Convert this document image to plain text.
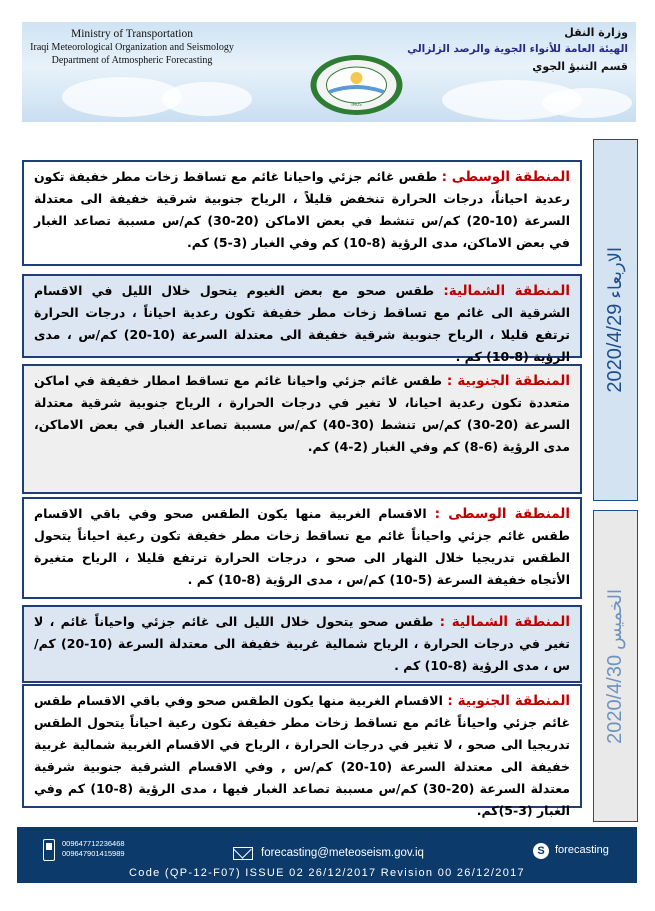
Ministry of Transportation
Iraqi Meteorological Organization and Seismology
Department of Atmospheric Forecasting
IMOS
وزارة النقل
الهيئة العامة للأنواء الجوية والرصد الزلزالي
قسم التنبؤ الجوي
2020/4/29 الاربعاء
2020/4/30 الخميس

المنطقة الوسطى : طقس غائم جزئي واحيانا غائم مع تساقط زخات مطر خفيفة تكون رعدية احياناً، درجات الحرارة تنخفض قليلاً ، الرياح جنوبية شرقية خفيفة الى معتدلة السرعة (10-20) كم/س تنشط في بعض الاماكن (20-30) كم/س مسببة تصاعد الغبار في بعض الاماكن، مدى الرؤية (8-10) كم وفي الغبار (3-5) كم.

المنطقة الشمالية: طقس صحو مع بعض الغيوم يتحول خلال الليل في الاقسام الشرقية الى غائم مع تساقط زخات مطر خفيفة تكون رعدية احياناً ، درجات الحرارة ترتفع قليلا ، الرياح جنوبية شرقية خفيفة الى معتدلة السرعة (10-20) كم/س ، مدى الرؤية (8-10) كم .

المنطقة الجنوبية : طقس غائم جزئي واحيانا غائم مع تساقط امطار خفيفة في اماكن متعددة تكون رعدية احيانا، لا تغير في درجات الحرارة ، الرياح جنوبية شرقية معتدلة السرعة (20-30) كم/س تنشط (30-40) كم/س مسببة تصاعد الغبار في بعض الاماكن، مدى الرؤية (6-8) كم وفي الغبار (2-4) كم.

المنطقة الوسطى : الاقسام الغربية منها يكون الطقس صحو وفي باقي الاقسام طقس غائم جزئي واحياناً غائم مع تساقط زخات مطر خفيفة تكون رعية احياناً يتحول الطقس تدريجيا خلال النهار الى صحو ، درجات الحرارة ترتفع قليلا ، الرياح متغيرة الأتجاه خفيفة السرعة (5-10) كم/س ، مدى الرؤية (8-10) كم .

المنطقة الشمالية : طقس صحو يتحول خلال الليل الى غائم جزئي واحياناً غائم ، لا تغير في درجات الحرارة ، الرياح شمالية غربية خفيفة الى معتدلة السرعة (10-20) كم/س ، مدى الرؤية (8-10) كم .

المنطقة الجنوبية : الاقسام الغربية منها يكون الطقس صحو وفي باقي الاقسام طقس غائم جزئي واحياناً غائم مع تساقط زخات مطر خفيفة تكون رعية احياناً يتحول الطقس تدريجيا الى صحو ، لا تغير في درجات الحرارة ، الرياح في الاقسام الغربية شمالية غربية خفيفة الى معتدلة السرعة (10-20) كم/س , وفي الاقسام الشرقية جنوبية شرقية معتدلة السرعة (20-30) كم/س مسببة تصاعد الغبار فيها ، مدى الرؤية (8-10) كم وفي الغبار (3-5)كم.

009647712236468
009647901415989	forecasting@meteoseism.gov.iq	S forecasting
Code (QP-12-F07) ISSUE 02 26/12/2017 Revision 00 26/12/2017
